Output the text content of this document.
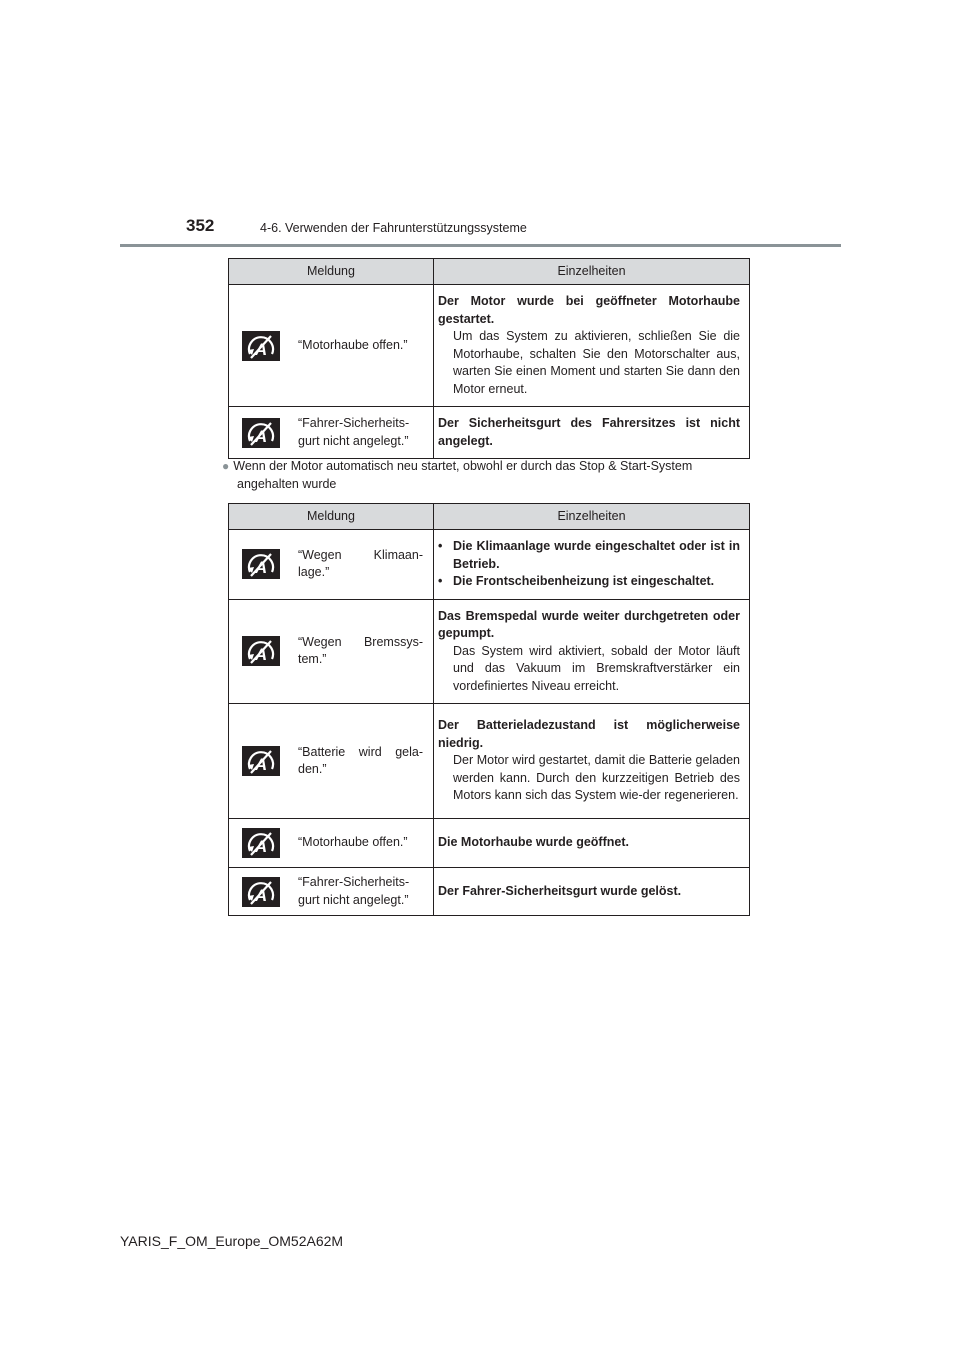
352	4-6. Verwenden der Fahrunterstützungssysteme
Meldung	Einzelheiten

“Motorhaube offen.”	Der Motor wurde bei geöffneter Motorhaube gestartet.
Um das System zu aktivieren, schließen Sie die Motorhaube, schalten Sie den Motorschalter aus, warten Sie einen Moment und starten Sie dann den Motor erneut.

“Fahrer-Sicherheits-gurt nicht angelegt.”	Der Sicherheitsgurt des Fahrersitzes ist nicht angelegt.
● Wenn der Motor automatisch neu startet, obwohl er durch das Stop & Start-System
angehalten wurde
Meldung	Einzelheiten

“Wegen Klimaan-lage.”	• Die Klimaanlage wurde eingeschaltet oder ist in Betrieb.
• Die Frontscheibenheizung ist eingeschaltet.

“Wegen Bremssys-tem.”	Das Bremspedal wurde weiter durchgetreten oder gepumpt.
Das System wird aktiviert, sobald der Motor läuft und das Vakuum im Bremskraftverstärker ein vordefiniertes Niveau erreicht.

“Batterie wird gela-den.”	Der Batterieladezustand ist möglicherweise niedrig.
Der Motor wird gestartet, damit die Batterie geladen werden kann. Durch den kurzzeitigen Betrieb des Motors kann sich das System wie-der regenerieren.

“Motorhaube offen.”	Die Motorhaube wurde geöffnet.

“Fahrer-Sicherheits-gurt nicht angelegt.”	Der Fahrer-Sicherheitsgurt wurde gelöst.
YARIS_F_OM_Europe_OM52A62M
